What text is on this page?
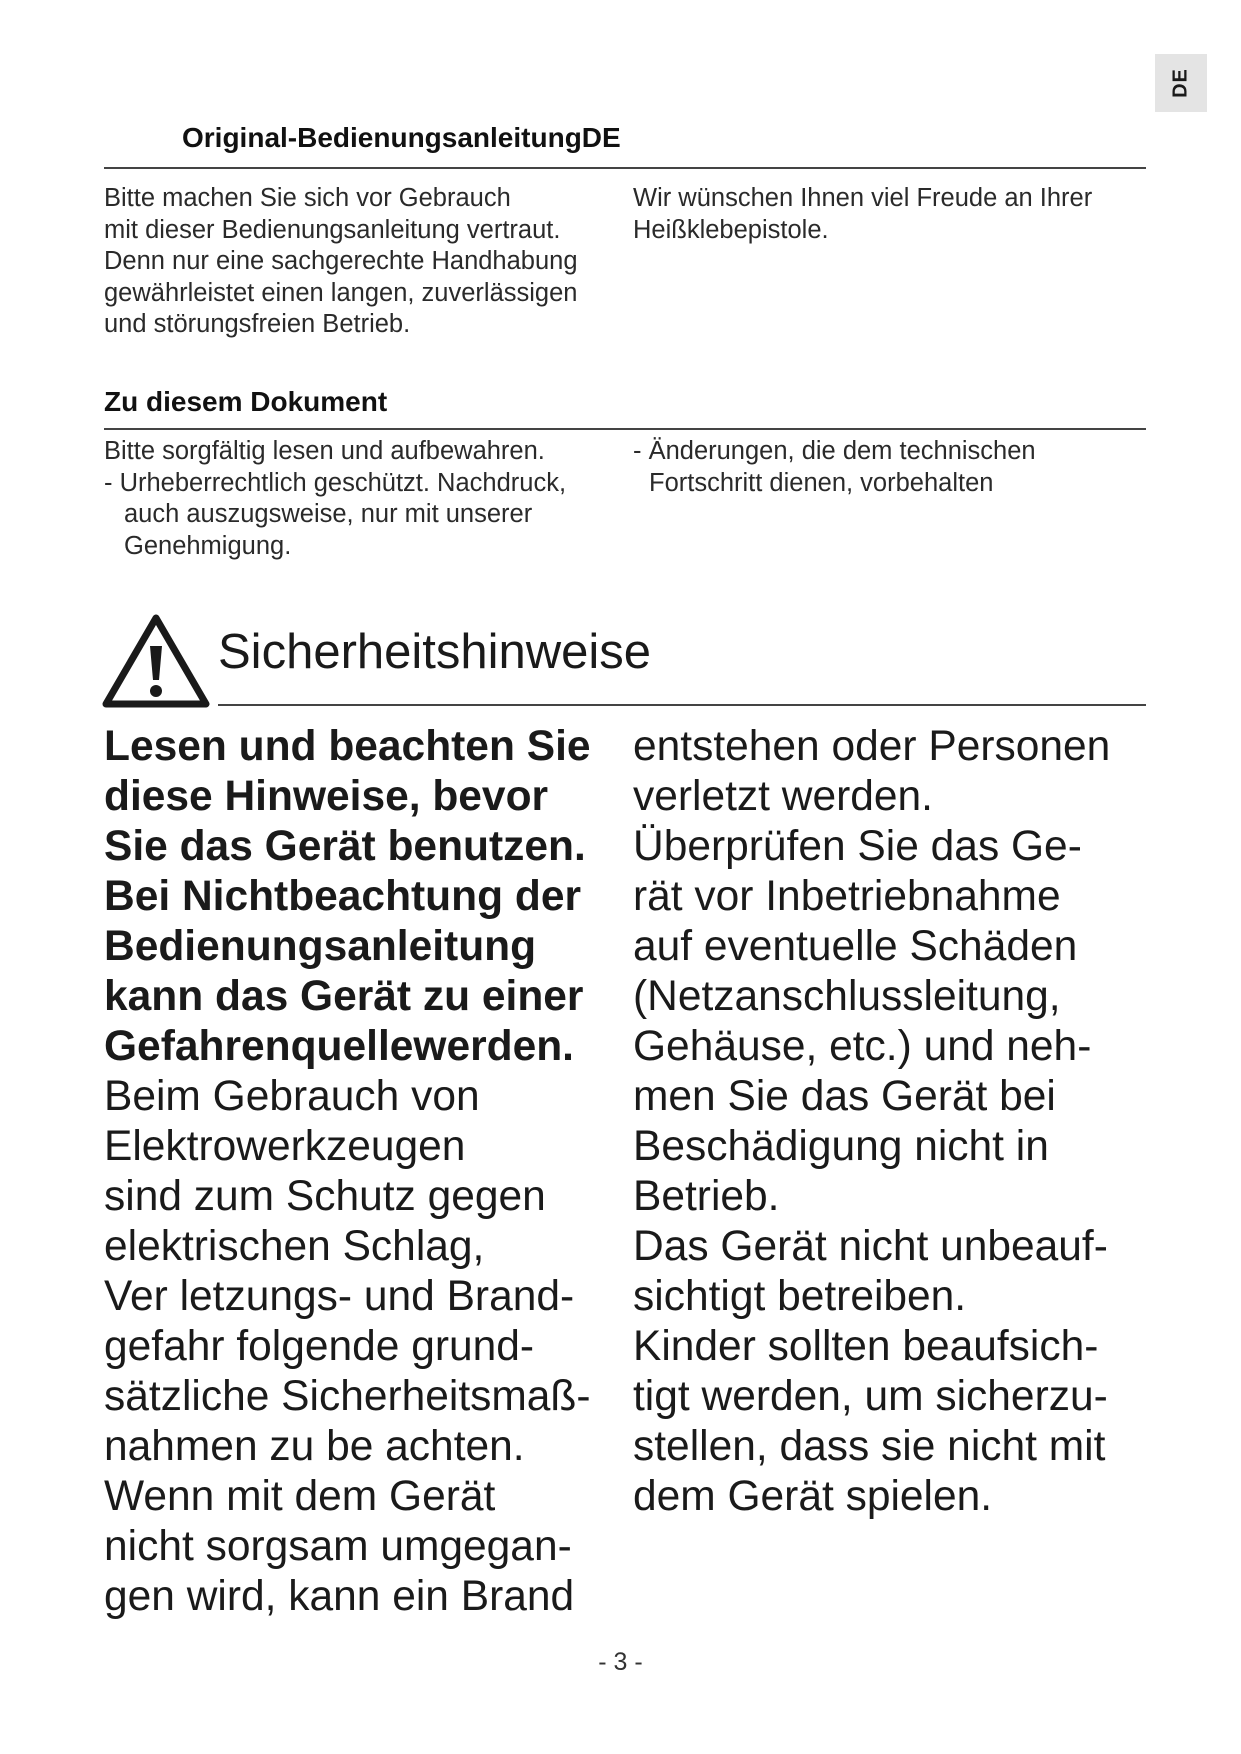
DE
Original-BedienungsanleitungDE

Bitte machen Sie sich vor Gebrauch

mit dieser Bedienungsanleitung vertraut.

Denn nur eine sachgerechte Handhabung

gewährleistet einen langen, zuverlässigen

und störungsfreien Betrieb.

Wir wünschen Ihnen viel Freude an Ihrer

Heißklebepistole.

Zu diesem Dokument

Bitte sorgfältig lesen und aufbewahren.

- Urheberrechtlich geschützt. Nachdruck,

auch auszugsweise, nur mit unserer

Genehmigung.

- Änderungen, die dem technischen

Fortschritt dienen, vorbehalten

Sicherheitshinweise

Lesen und beachten Sie

diese Hinweise, bevor

Sie das Gerät benutzen.

Bei Nichtbeachtung der

Bedienungsanleitung

kann das Gerät zu einer

Gefahrenquellewerden.

Beim Gebrauch von

Elektrowerkzeugen

sind zum Schutz gegen

elektrischen Schlag,

Ver letzungs- und Brand-

gefahr folgende grund-

sätzliche Sicherheitsmaß-

nahmen zu be achten.

Wenn mit dem Gerät

nicht sorgsam umgegan-

gen wird, kann ein Brand

entstehen oder Personen

verletzt werden.

Überprüfen Sie das Ge-

rät vor Inbetriebnahme

auf eventuelle Schäden

(Netzanschlussleitung,

Gehäuse, etc.) und neh-

men Sie das Gerät bei

Beschädigung nicht in

Betrieb.

Das Gerät nicht unbeauf-

sichtigt betreiben.

Kinder sollten beaufsich-

tigt werden, um sicherzu-

stellen, dass sie nicht mit

dem Gerät spielen.

- 3 -
